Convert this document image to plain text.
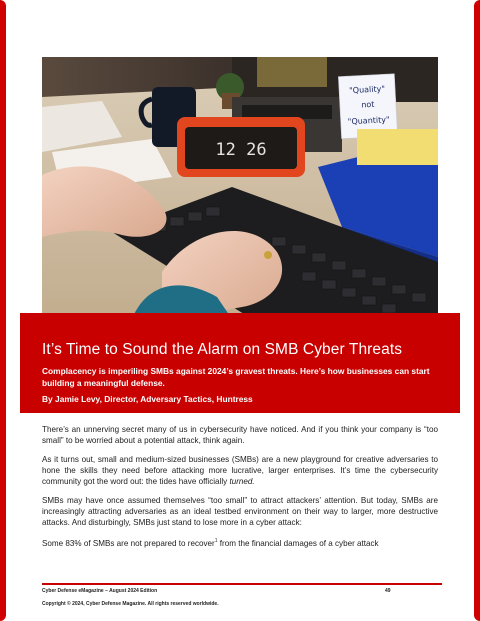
"Quality"
not
"Quantity"
12 26
It’s Time to Sound the Alarm on SMB Cyber Threats
Complacency is imperiling SMBs against 2024’s gravest threats. Here’s how businesses can start building a meaningful defense.
By Jamie Levy, Director, Adversary Tactics, Huntress

There’s an unnerving secret many of us in cybersecurity have noticed. And if you think your company is “too small” to be worried about a potential attack, think again.

As it turns out, small and medium-sized businesses (SMBs) are a new playground for creative adversaries to hone the skills they need before attacking more lucrative, larger enterprises. It’s time the cybersecurity community got the word out: the tides have officially turned.

SMBs may have once assumed themselves “too small” to attract attackers’ attention. But today, SMBs are increasingly attracting adversaries as an ideal testbed environment on their way to larger, more destructive attacks. And disturbingly, SMBs just stand to lose more in a cyber attack:

Some 83% of SMBs are not prepared to recover$^1$ from the financial damages of a cyber attack

Cyber Defense eMagazine – August 2024 Edition	49
Copyright © 2024, Cyber Defense Magazine. All rights reserved worldwide.
